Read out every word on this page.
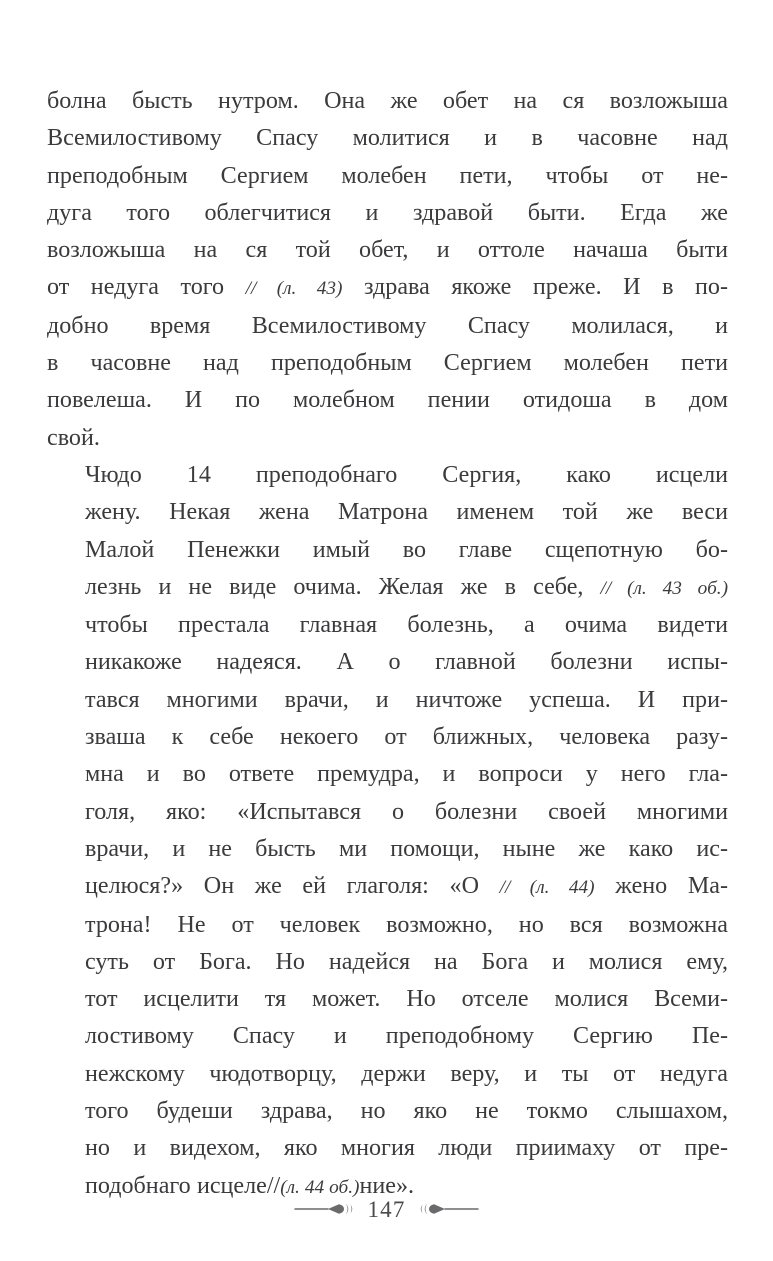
болна бысть нутром. Она же обет на ся возложыша
Всемилостивому Спасу молитися и в часовне над
преподобным Сергием молебен пети, чтобы от не-
дуга того облегчитися и здравой быти. Егда же
возложыша на ся той обет, и оттоле начаша быти
от недуга того // (л. 43) здрава якоже преже. И в по-
добно время Всемилостивому Спасу молилася, и
в часовне над преподобным Сергием молебен пети
повелеша. И по молебном пении отидоша в дом
свой.

Чюдо 14 преподобнаго Сергия, како исцели
жену. Некая жена Матрона именем той же веси
Малой Пенежки имый во главе сщепотную бо-
лезнь и не виде очима. Желая же в себе, // (л. 43 об.)
чтобы престала главная болезнь, а очима видети
никакоже надеяся. А о главной болезни испы-
тався многими врачи, и ничтоже успеша. И при-
зваша к себе некоего от ближных, человека разу-
мна и во ответе премудра, и вопроси у него гла-
голя, яко: «Испытався о болезни своей многими
врачи, и не бысть ми помощи, ныне же како ис-
целюся?» Он же ей глаголя: «О // (л. 44) жено Ма-
трона! Не от человек возможно, но вся возможна
суть от Бога. Но надейся на Бога и молися ему,
тот исцелити тя может. Но отселе молися Всеми-
лостивому Спасу и преподобному Сергию Пе-
нежскому чюдотворцу, держи веру, и ты от недуга
того будеши здрава, но яко не токмо слышахом,
но и видехом, яко многия люди приимаху от пре-
подобнаго исцеле//(л. 44 об.)ние».

147
